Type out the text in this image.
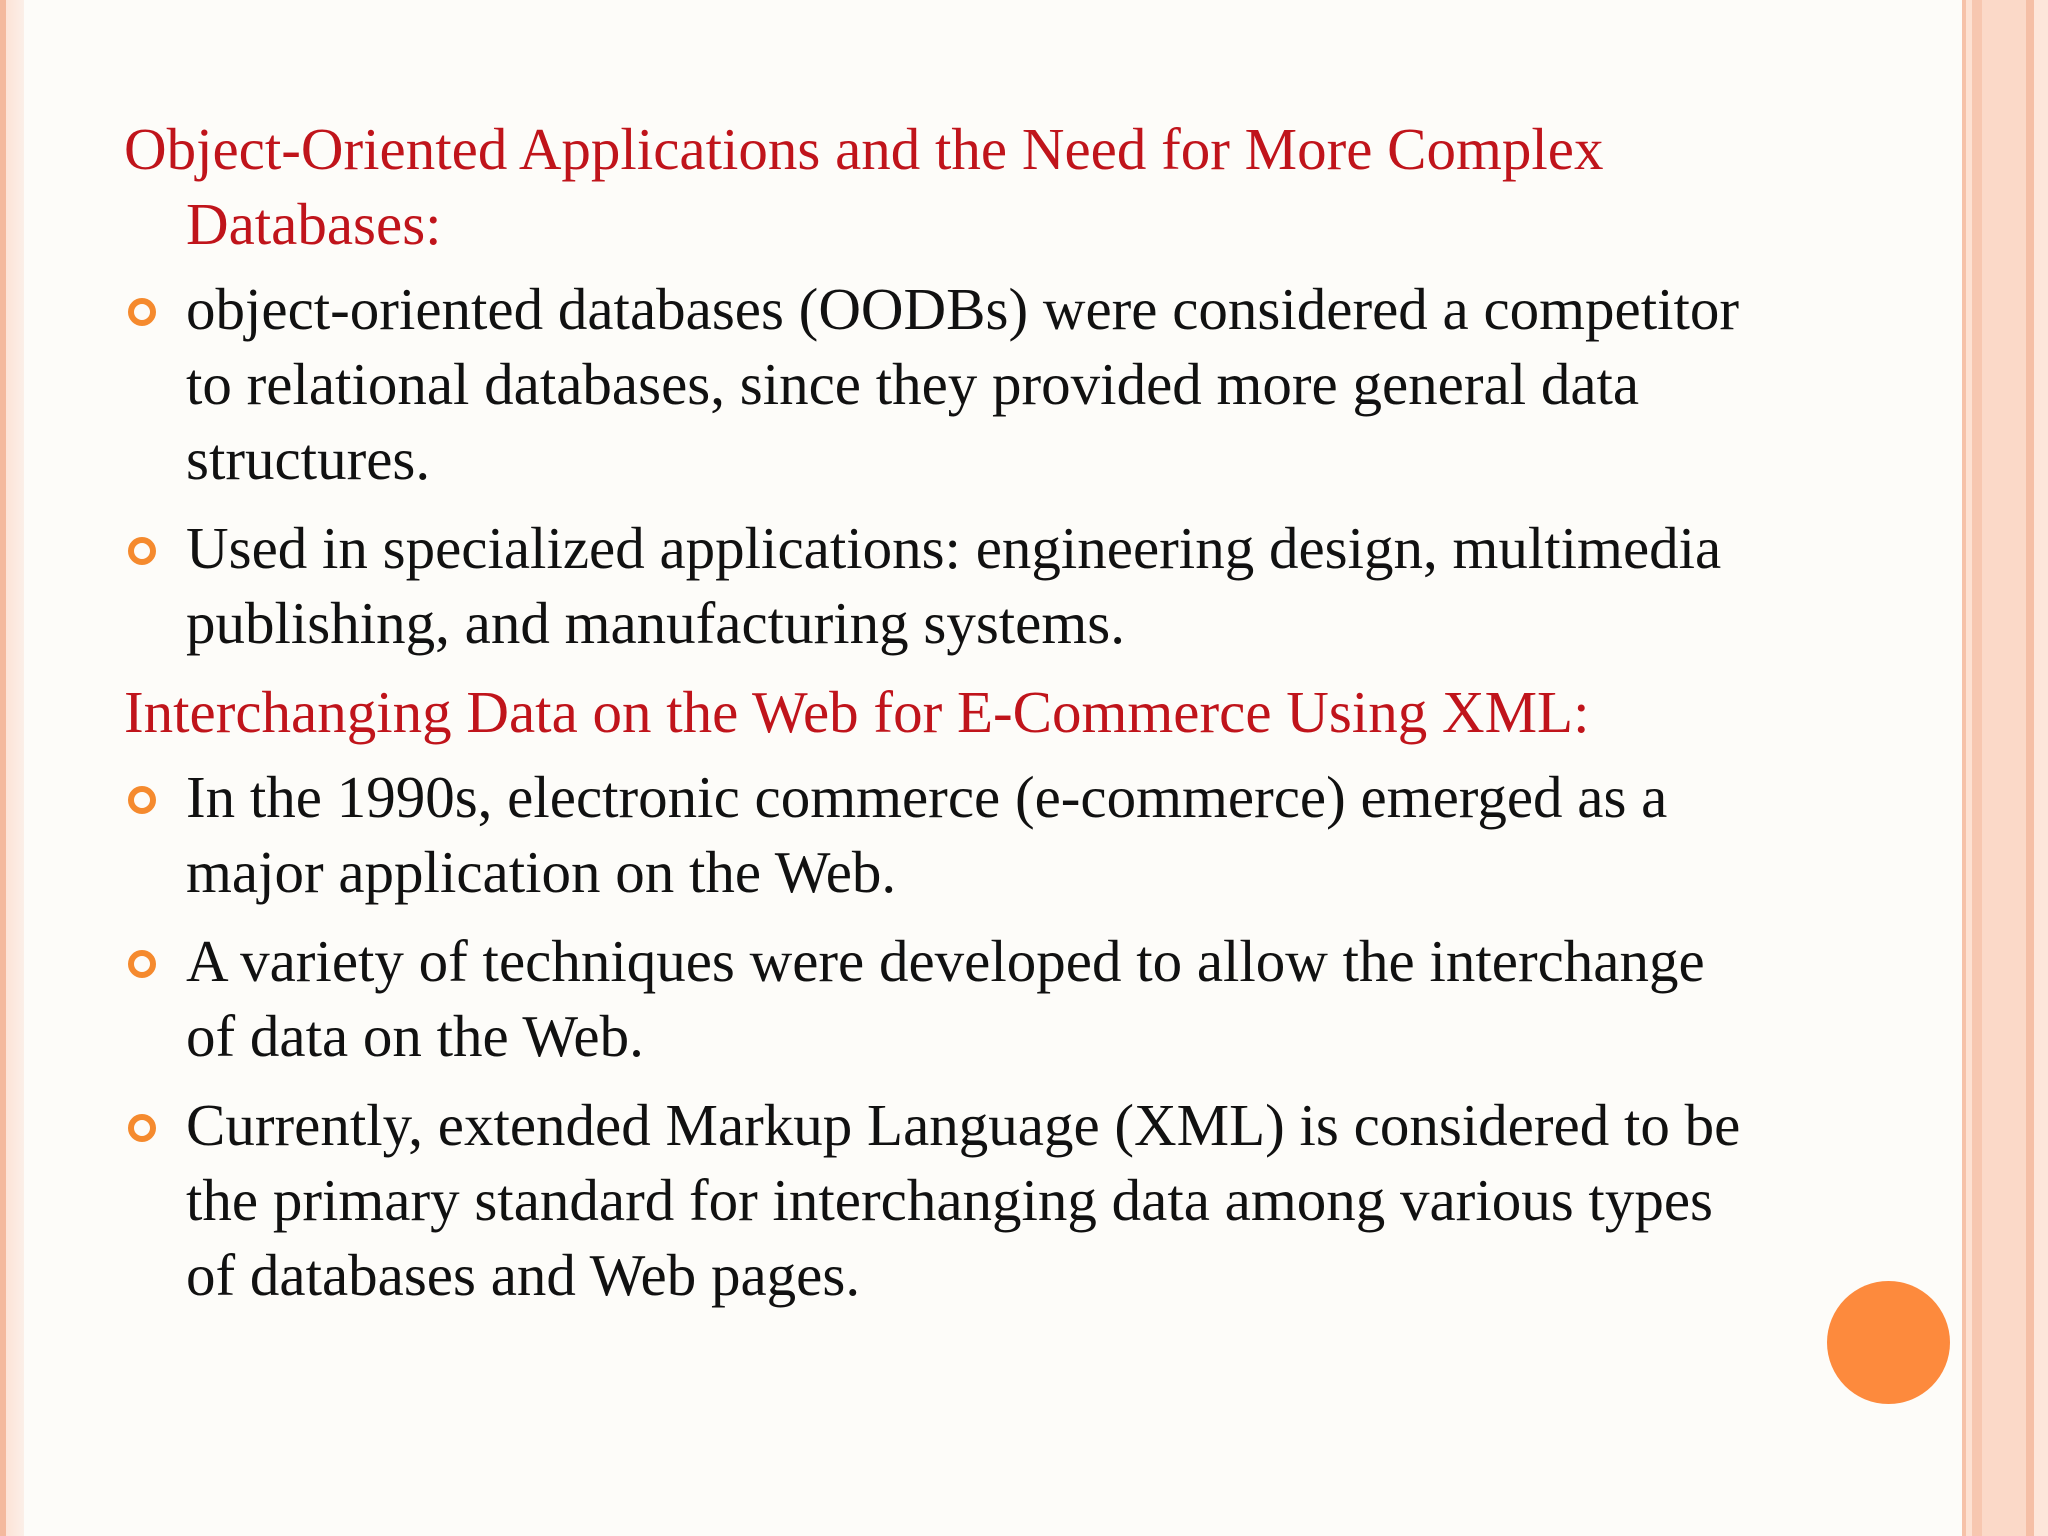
Object-Oriented Applications and the Need for More Complex Databases:

object-oriented databases (OODBs) were considered a competitor to relational databases, since they provided more general data structures.
Used in specialized applications: engineering design, multimedia publishing, and manufacturing systems.

Interchanging Data on the Web for E-Commerce Using XML:

In the 1990s, electronic commerce (e-commerce) emerged as a major application on the Web.
A variety of techniques were developed to allow the interchange of data on the Web.
Currently, extended Markup Language (XML) is considered to be the primary standard for interchanging data among various types of databases and Web pages.
